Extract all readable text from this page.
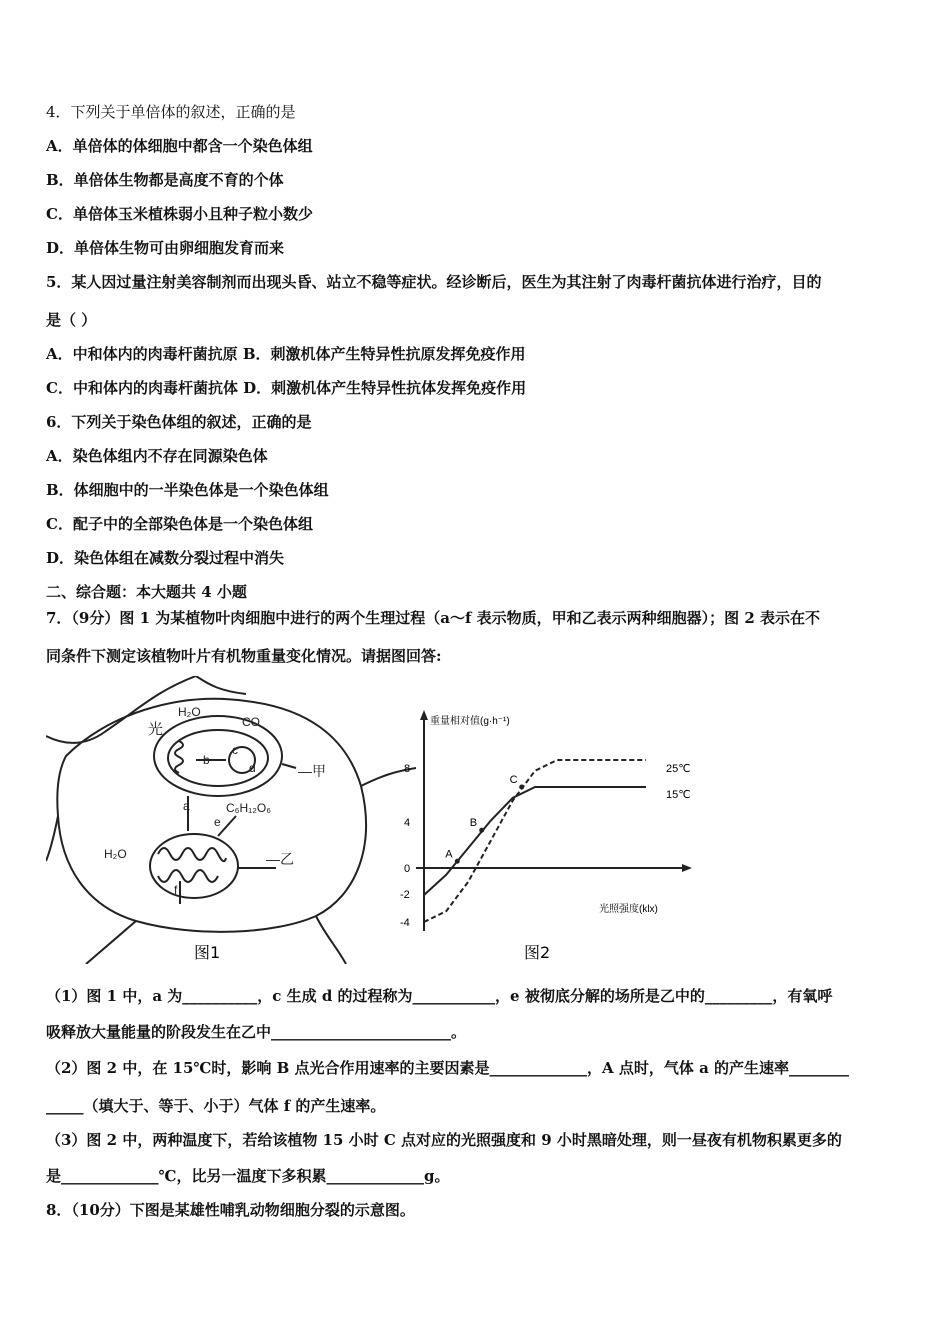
4．下列关于单倍体的叙述，正确的是
A．单倍体的体细胞中都含一个染色体组
B．单倍体生物都是高度不育的个体
C．单倍体玉米植株弱小且种子粒小数少
D．单倍体生物可由卵细胞发育而来
5．某人因过量注射美容制剂而出现头昏、站立不稳等症状。经诊断后，医生为其注射了肉毒杆菌抗体进行治疗，目的
是（ ）
A．中和体内的肉毒杆菌抗原 B．刺激机体产生特异性抗原发挥免疫作用
C．中和体内的肉毒杆菌抗体 D．刺激机体产生特异性抗体发挥免疫作用
6．下列关于染色体组的叙述，正确的是
A．染色体组内不存在同源染色体
B．体细胞中的一半染色体是一个染色体组
C．配子中的全部染色体是一个染色体组
D．染色体组在减数分裂过程中消失
二、综合题：本大题共 4 小题
7．（9分）图 1 为某植物叶肉细胞中进行的两个生理过程（a～f 表示物质，甲和乙表示两种细胞器）；图 2 表示在不
同条件下测定该植物叶片有机物重量变化情况。请据图回答:
H₂O
光	CO
b
c
d	—甲
a	C₆H₁₂O₆
e
H₂O	—乙
f
图1
重量相对值(g·h⁻¹)
光照强度(klx)
8
4
0
-2
-4
25℃
15℃
A
B
C
图2
（1）图 1 中，a 为__________，c 生成 d 的过程称为___________，e 被彻底分解的场所是乙中的_________，有氧呼
吸释放大量能量的阶段发生在乙中________________________。
（2）图 2 中，在 15℃时，影响 B 点光合作用速率的主要因素是_____________，A 点时，气体 a 的产生速率________
_____（填大于、等于、小于）气体 f 的产生速率。
（3）图 2 中，两种温度下，若给该植物 15 小时 C 点对应的光照强度和 9 小时黑暗处理，则一昼夜有机物积累更多的
是_____________℃，比另一温度下多积累_____________g。
8．（10分）下图是某雄性哺乳动物细胞分裂的示意图。
